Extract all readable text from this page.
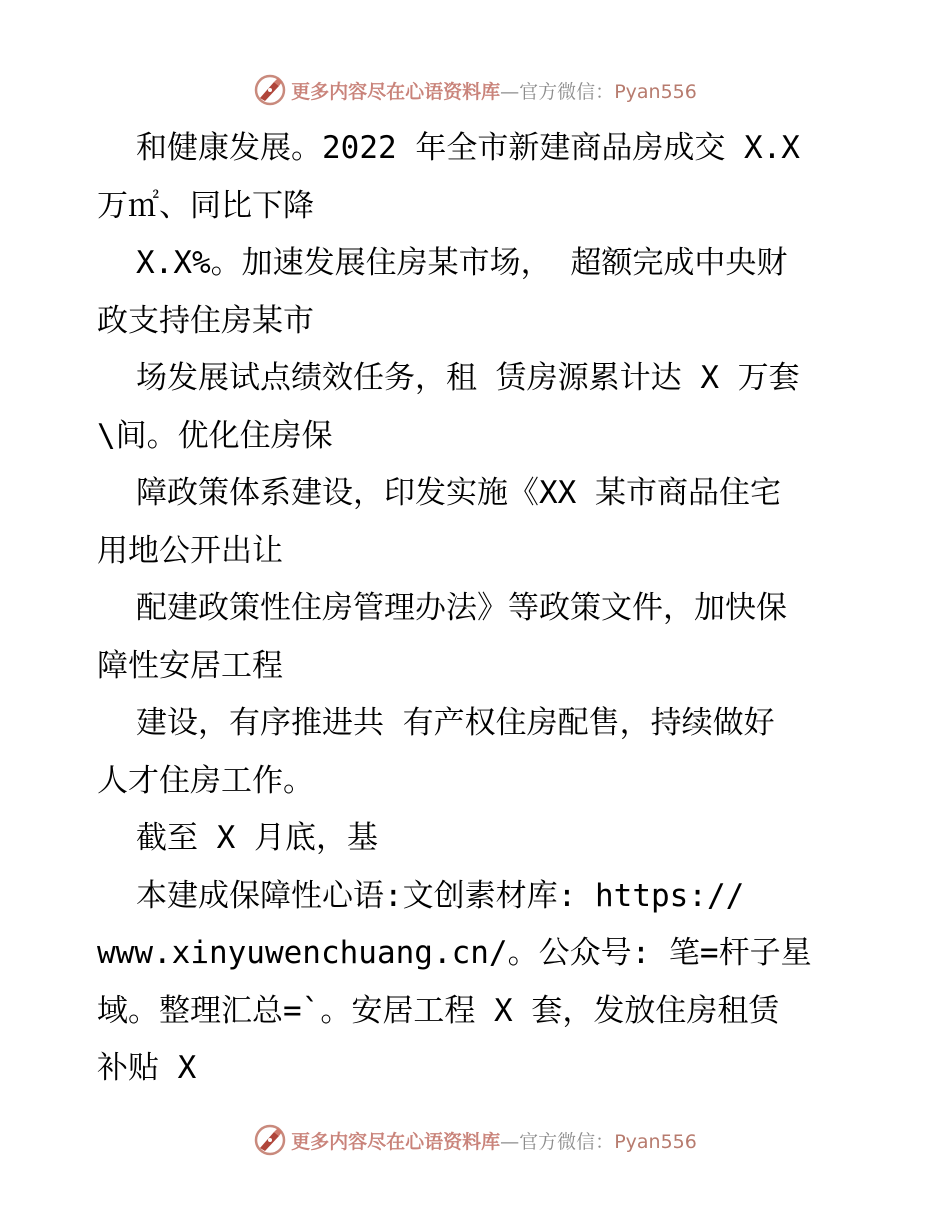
更多内容尽在心语资料库—官方微信：Pyan556
和健康发展。2022 年全市新建商品房成交 X.X
万㎡、同比下降
X.X%。加速发展住房某市场， 超额完成中央财
政支持住房某市
场发展试点绩效任务，租 赁房源累计达 X 万套
\间。优化住房保
障政策体系建设，印发实施《XX 某市商品住宅
用地公开出让
配建政策性住房管理办法》等政策文件，加快保
障性安居工程
建设，有序推进共 有产权住房配售，持续做好
人才住房工作。
截至 X 月底，基
本建成保障性心语:文创素材库: https://
www.xinyuwenchuang.cn/。公众号: 笔=杆子星
域。整理汇总=`。安居工程 X 套，发放住房租赁
补贴 X
更多内容尽在心语资料库—官方微信：Pyan556
